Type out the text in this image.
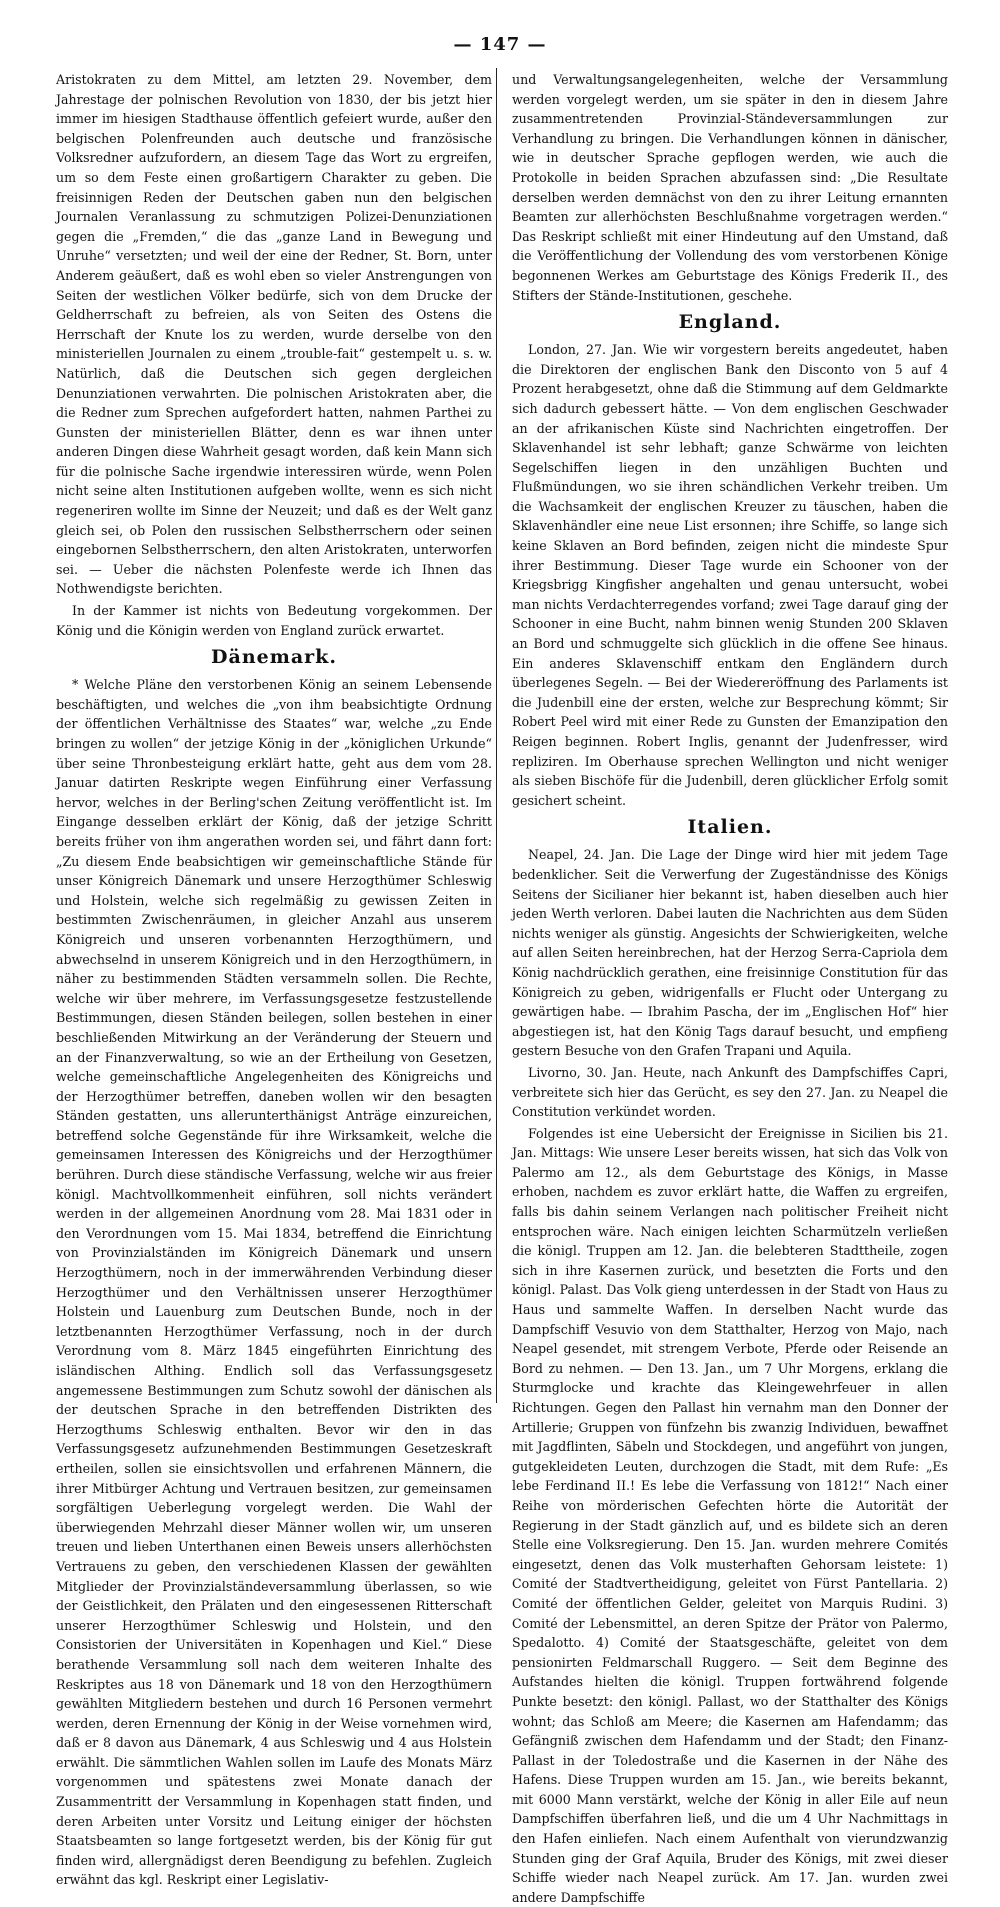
— 147 —

Aristokraten zu dem Mittel, am letzten 29. November, dem Jahrestage der polnischen Revolution von 1830, der bis jetzt hier immer im hiesigen Stadthause öffentlich gefeiert wurde, außer den belgischen Polenfreunden auch deutsche und französische Volksredner aufzufordern, an diesem Tage das Wort zu ergreifen, um so dem Feste einen großartigern Charakter zu geben. Die freisinnigen Reden der Deutschen gaben nun den belgischen Journalen Veranlassung zu schmutzigen Polizei-Denunziationen gegen die „Fremden,“ die das „ganze Land in Bewegung und Unruhe“ versetzten; und weil der eine der Redner, St. Born, unter Anderem geäußert, daß es wohl eben so vieler Anstrengungen von Seiten der westlichen Völker bedürfe, sich von dem Drucke der Geldherrschaft zu befreien, als von Seiten des Ostens die Herrschaft der Knute los zu werden, wurde derselbe von den ministeriellen Journalen zu einem „trouble-fait“ gestempelt u. s. w. Natürlich, daß die Deutschen sich gegen dergleichen Denunziationen verwahrten. Die polnischen Aristokraten aber, die die Redner zum Sprechen aufgefordert hatten, nahmen Parthei zu Gunsten der ministeriellen Blätter, denn es war ihnen unter anderen Dingen diese Wahrheit gesagt worden, daß kein Mann sich für die polnische Sache irgendwie interessiren würde, wenn Polen nicht seine alten Institutionen aufgeben wollte, wenn es sich nicht regeneriren wollte im Sinne der Neuzeit; und daß es der Welt ganz gleich sei, ob Polen den russischen Selbstherrschern oder seinen eingebornen Selbstherrschern, den alten Aristokraten, unterworfen sei. — Ueber die nächsten Polenfeste werde ich Ihnen das Nothwendigste berichten.

In der Kammer ist nichts von Bedeutung vorgekommen. Der König und die Königin werden von England zurück erwartet.

Dänemark.

* Welche Pläne den verstorbenen König an seinem Lebensende beschäftigten, und welches die „von ihm beabsichtigte Ordnung der öffentlichen Verhältnisse des Staates“ war, welche „zu Ende bringen zu wollen“ der jetzige König in der „königlichen Urkunde“ über seine Thronbesteigung erklärt hatte, geht aus dem vom 28. Januar datirten Reskripte wegen Einführung einer Verfassung hervor, welches in der Berling'schen Zeitung veröffentlicht ist. Im Eingange desselben erklärt der König, daß der jetzige Schritt bereits früher von ihm angerathen worden sei, und fährt dann fort: „Zu diesem Ende beabsichtigen wir gemeinschaftliche Stände für unser Königreich Dänemark und unsere Herzogthümer Schleswig und Holstein, welche sich regelmäßig zu gewissen Zeiten in bestimmten Zwischenräumen, in gleicher Anzahl aus unserem Königreich und unseren vorbenannten Herzogthümern, und abwechselnd in unserem Königreich und in den Herzogthümern, in näher zu bestimmenden Städten versammeln sollen. Die Rechte, welche wir über mehrere, im Verfassungsgesetze festzustellende Bestimmungen, diesen Ständen beilegen, sollen bestehen in einer beschließenden Mitwirkung an der Veränderung der Steuern und an der Finanzverwaltung, so wie an der Ertheilung von Gesetzen, welche gemeinschaftliche Angelegenheiten des Königreichs und der Herzogthümer betreffen, daneben wollen wir den besagten Ständen gestatten, uns allerunterthänigst Anträge einzureichen, betreffend solche Gegenstände für ihre Wirksamkeit, welche die gemeinsamen Interessen des Königreichs und der Herzogthümer berühren. Durch diese ständische Verfassung, welche wir aus freier königl. Machtvollkommenheit einführen, soll nichts verändert werden in der allgemeinen Anordnung vom 28. Mai 1831 oder in den Verordnungen vom 15. Mai 1834, betreffend die Einrichtung von Provinzialständen im Königreich Dänemark und unsern Herzogthümern, noch in der immerwährenden Verbindung dieser Herzogthümer und den Verhältnissen unserer Herzogthümer Holstein und Lauenburg zum Deutschen Bunde, noch in der letztbenannten Herzogthümer Verfassung, noch in der durch Verordnung vom 8. März 1845 eingeführten Einrichtung des isländischen Althing. Endlich soll das Verfassungsgesetz angemessene Bestimmungen zum Schutz sowohl der dänischen als der deutschen Sprache in den betreffenden Distrikten des Herzogthums Schleswig enthalten. Bevor wir den in das Verfassungsgesetz aufzunehmenden Bestimmungen Gesetzeskraft ertheilen, sollen sie einsichtsvollen und erfahrenen Männern, die ihrer Mitbürger Achtung und Vertrauen besitzen, zur gemeinsamen sorgfältigen Ueberlegung vorgelegt werden. Die Wahl der überwiegenden Mehrzahl dieser Männer wollen wir, um unseren treuen und lieben Unterthanen einen Beweis unsers allerhöchsten Vertrauens zu geben, den verschiedenen Klassen der gewählten Mitglieder der Provinzialständeversammlung überlassen, so wie der Geistlichkeit, den Prälaten und den eingesessenen Ritterschaft unserer Herzogthümer Schleswig und Holstein, und den Consistorien der Universitäten in Kopenhagen und Kiel.“ Diese berathende Versammlung soll nach dem weiteren Inhalte des Reskriptes aus 18 von Dänemark und 18 von den Herzogthümern gewählten Mitgliedern bestehen und durch 16 Personen vermehrt werden, deren Ernennung der König in der Weise vornehmen wird, daß er 8 davon aus Dänemark, 4 aus Schleswig und 4 aus Holstein erwählt. Die sämmtlichen Wahlen sollen im Laufe des Monats März vorgenommen und spätestens zwei Monate danach der Zusammentritt der Versammlung in Kopenhagen statt finden, und deren Arbeiten unter Vorsitz und Leitung einiger der höchsten Staatsbeamten so lange fortgesetzt werden, bis der König für gut finden wird, allergnädigst deren Beendigung zu befehlen. Zugleich erwähnt das kgl. Reskript einer Legislativ-

und Verwaltungsangelegenheiten, welche der Versammlung werden vorgelegt werden, um sie später in den in diesem Jahre zusammentretenden Provinzial-Ständeversammlungen zur Verhandlung zu bringen. Die Verhandlungen können in dänischer, wie in deutscher Sprache gepflogen werden, wie auch die Protokolle in beiden Sprachen abzufassen sind: „Die Resultate derselben werden demnächst von den zu ihrer Leitung ernannten Beamten zur allerhöchsten Beschlußnahme vorgetragen werden.“ Das Reskript schließt mit einer Hindeutung auf den Umstand, daß die Veröffentlichung der Vollendung des vom verstorbenen Könige begonnenen Werkes am Geburtstage des Königs Frederik II., des Stifters der Stände-Institutionen, geschehe.

England.

London, 27. Jan. Wie wir vorgestern bereits angedeutet, haben die Direktoren der englischen Bank den Disconto von 5 auf 4 Prozent herabgesetzt, ohne daß die Stimmung auf dem Geldmarkte sich dadurch gebessert hätte. — Von dem englischen Geschwader an der afrikanischen Küste sind Nachrichten eingetroffen. Der Sklavenhandel ist sehr lebhaft; ganze Schwärme von leichten Segelschiffen liegen in den unzähligen Buchten und Flußmündungen, wo sie ihren schändlichen Verkehr treiben. Um die Wachsamkeit der englischen Kreuzer zu täuschen, haben die Sklavenhändler eine neue List ersonnen; ihre Schiffe, so lange sich keine Sklaven an Bord befinden, zeigen nicht die mindeste Spur ihrer Bestimmung. Dieser Tage wurde ein Schooner von der Kriegsbrigg Kingfisher angehalten und genau untersucht, wobei man nichts Verdachterregendes vorfand; zwei Tage darauf ging der Schooner in eine Bucht, nahm binnen wenig Stunden 200 Sklaven an Bord und schmuggelte sich glücklich in die offene See hinaus. Ein anderes Sklavenschiff entkam den Engländern durch überlegenes Segeln. — Bei der Wiedereröffnung des Parlaments ist die Judenbill eine der ersten, welche zur Besprechung kömmt; Sir Robert Peel wird mit einer Rede zu Gunsten der Emanzipation den Reigen beginnen. Robert Inglis, genannt der Judenfresser, wird repliziren. Im Oberhause sprechen Wellington und nicht weniger als sieben Bischöfe für die Judenbill, deren glücklicher Erfolg somit gesichert scheint.

Italien.

Neapel, 24. Jan. Die Lage der Dinge wird hier mit jedem Tage bedenklicher. Seit die Verwerfung der Zugeständnisse des Königs Seitens der Sicilianer hier bekannt ist, haben dieselben auch hier jeden Werth verloren. Dabei lauten die Nachrichten aus dem Süden nichts weniger als günstig. Angesichts der Schwierigkeiten, welche auf allen Seiten hereinbrechen, hat der Herzog Serra-Capriola dem König nachdrücklich gerathen, eine freisinnige Constitution für das Königreich zu geben, widrigenfalls er Flucht oder Untergang zu gewärtigen habe. — Ibrahim Pascha, der im „Englischen Hof“ hier abgestiegen ist, hat den König Tags darauf besucht, und empfieng gestern Besuche von den Grafen Trapani und Aquila.

Livorno, 30. Jan. Heute, nach Ankunft des Dampfschiffes Capri, verbreitete sich hier das Gerücht, es sey den 27. Jan. zu Neapel die Constitution verkündet worden.

Folgendes ist eine Uebersicht der Ereignisse in Sicilien bis 21. Jan. Mittags: Wie unsere Leser bereits wissen, hat sich das Volk von Palermo am 12., als dem Geburtstage des Königs, in Masse erhoben, nachdem es zuvor erklärt hatte, die Waffen zu ergreifen, falls bis dahin seinem Verlangen nach politischer Freiheit nicht entsprochen wäre. Nach einigen leichten Scharmützeln verließen die königl. Truppen am 12. Jan. die belebteren Stadttheile, zogen sich in ihre Kasernen zurück, und besetzten die Forts und den königl. Palast. Das Volk gieng unterdessen in der Stadt von Haus zu Haus und sammelte Waffen. In derselben Nacht wurde das Dampfschiff Vesuvio von dem Statthalter, Herzog von Majo, nach Neapel gesendet, mit strengem Verbote, Pferde oder Reisende an Bord zu nehmen. — Den 13. Jan., um 7 Uhr Morgens, erklang die Sturmglocke und krachte das Kleingewehrfeuer in allen Richtungen. Gegen den Pallast hin vernahm man den Donner der Artillerie; Gruppen von fünfzehn bis zwanzig Individuen, bewaffnet mit Jagdflinten, Säbeln und Stockdegen, und angeführt von jungen, gutgekleideten Leuten, durchzogen die Stadt, mit dem Rufe: „Es lebe Ferdinand II.! Es lebe die Verfassung von 1812!“ Nach einer Reihe von mörderischen Gefechten hörte die Autorität der Regierung in der Stadt gänzlich auf, und es bildete sich an deren Stelle eine Volksregierung. Den 15. Jan. wurden mehrere Comités eingesetzt, denen das Volk musterhaften Gehorsam leistete: 1) Comité der Stadtvertheidigung, geleitet von Fürst Pantellaria. 2) Comité der öffentlichen Gelder, geleitet von Marquis Rudini. 3) Comité der Lebensmittel, an deren Spitze der Prätor von Palermo, Spedalotto. 4) Comité der Staatsgeschäfte, geleitet von dem pensionirten Feldmarschall Ruggero. — Seit dem Beginne des Aufstandes hielten die königl. Truppen fortwährend folgende Punkte besetzt: den königl. Pallast, wo der Statthalter des Königs wohnt; das Schloß am Meere; die Kasernen am Hafendamm; das Gefängniß zwischen dem Hafendamm und der Stadt; den Finanz-Pallast in der Toledostraße und die Kasernen in der Nähe des Hafens. Diese Truppen wurden am 15. Jan., wie bereits bekannt, mit 6000 Mann verstärkt, welche der König in aller Eile auf neun Dampfschiffen überfahren ließ, und die um 4 Uhr Nachmittags in den Hafen einliefen. Nach einem Aufenthalt von vierundzwanzig Stunden ging der Graf Aquila, Bruder des Königs, mit zwei dieser Schiffe wieder nach Neapel zurück. Am 17. Jan. wurden zwei andere Dampfschiffe
